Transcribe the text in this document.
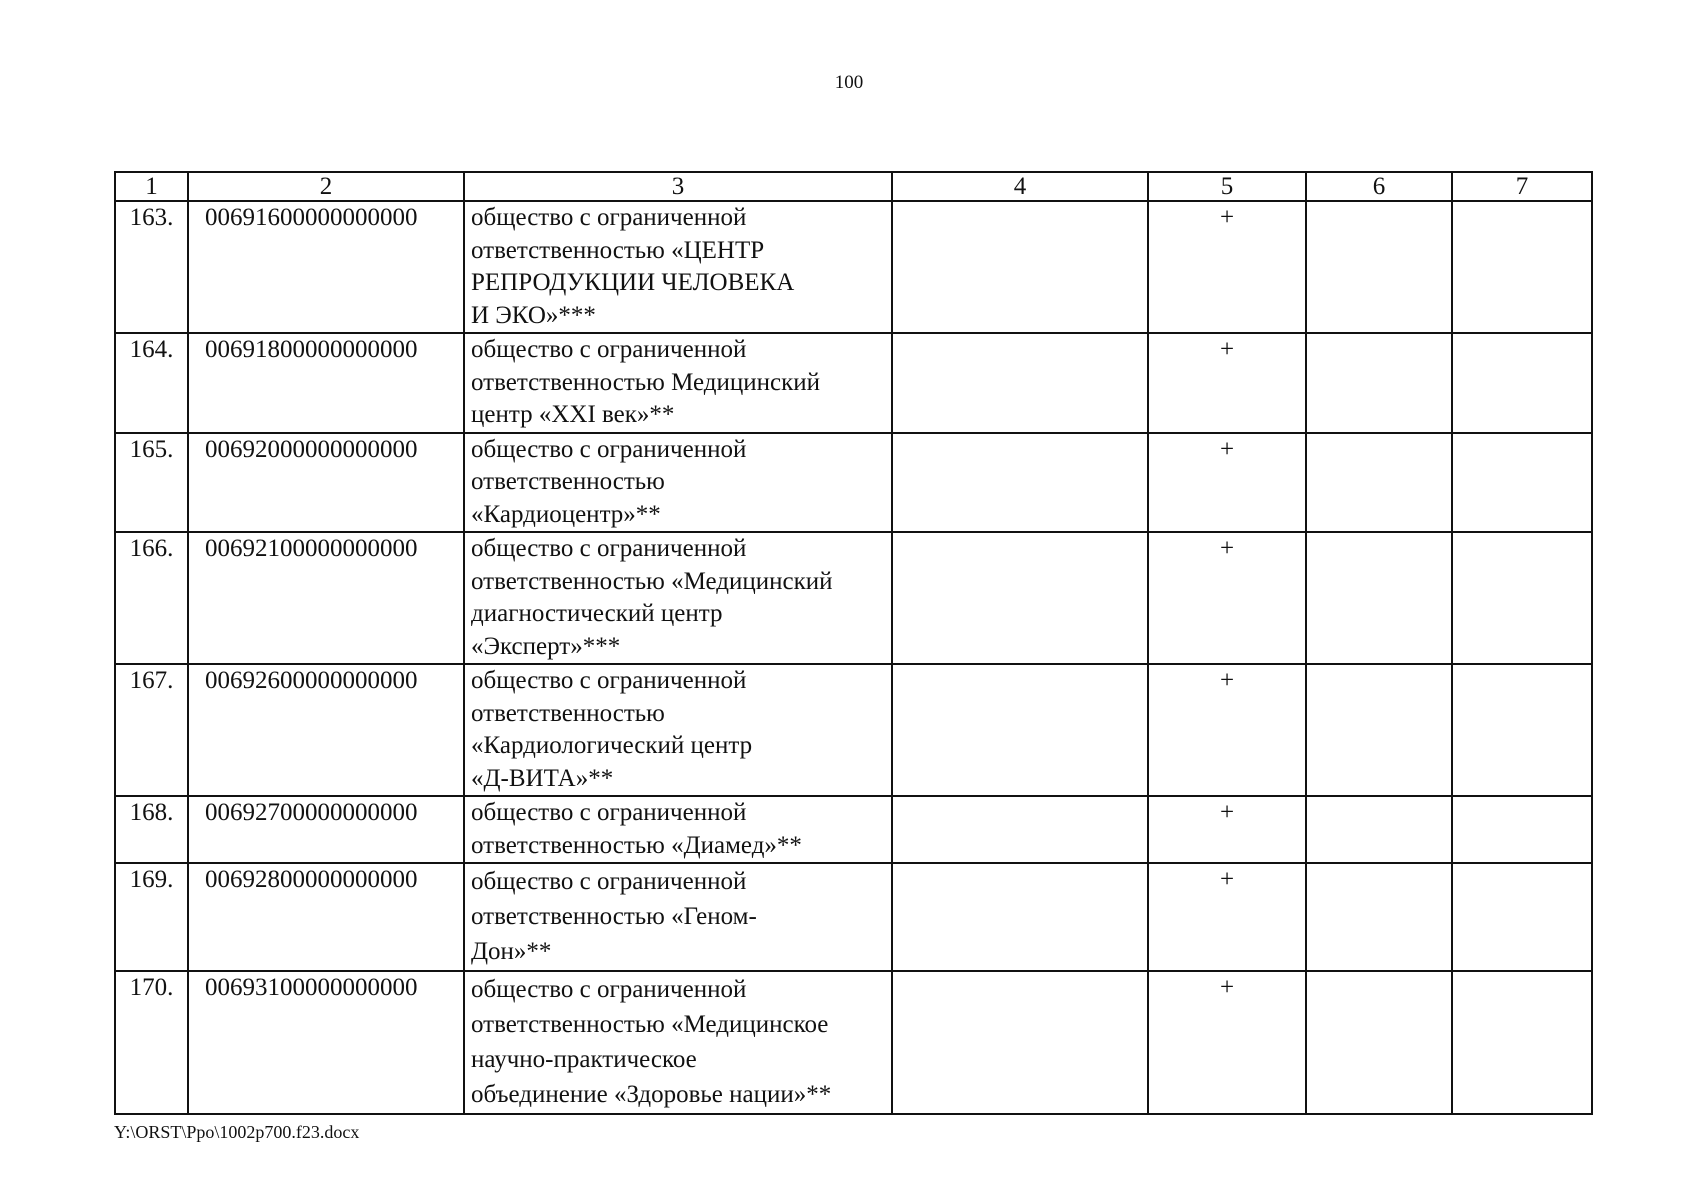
100
1	2	3	4	5	6	7
163.	00691600000000000	общество с ограниченной
ответственностью «ЦЕНТР
РЕПРОДУКЦИИ ЧЕЛОВЕКА
И ЭКО»***		+		
164.	00691800000000000	общество с ограниченной
ответственностью Медицинский
центр «XXI век»**		+		
165.	00692000000000000	общество с ограниченной
ответственностью
«Кардиоцентр»**		+		
166.	00692100000000000	общество с ограниченной
ответственностью «Медицинский
диагностический центр
«Эксперт»***		+		
167.	00692600000000000	общество с ограниченной
ответственностью
«Кардиологический центр
«Д-ВИТА»**		+		
168.	00692700000000000	общество с ограниченной
ответственностью «Диамед»**		+		
169.	00692800000000000	общество с ограниченной
ответственностью «Геном-
Дон»**		+		
170.	00693100000000000	общество с ограниченной
ответственностью «Медицинское
научно-практическое
объединение «Здоровье нации»**		+		
Y:\ORST\Ppo\1002p700.f23.docx
